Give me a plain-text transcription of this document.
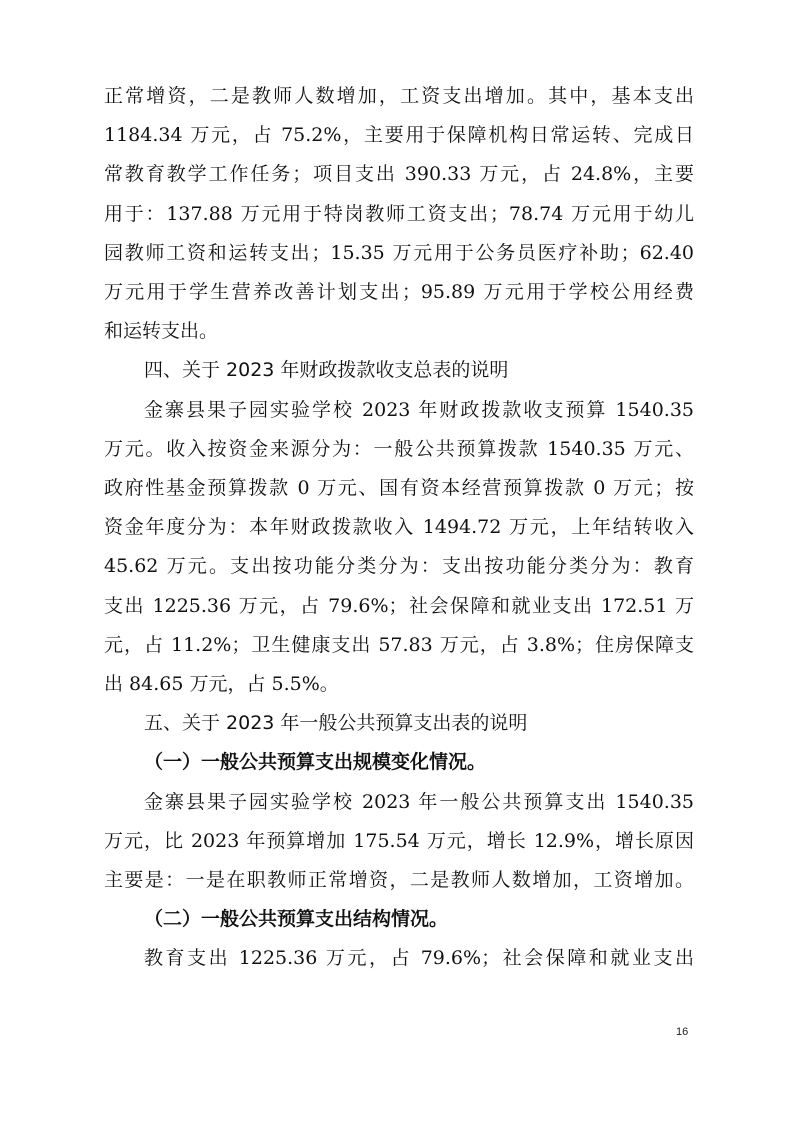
正常增资，二是教师人数增加，工资支出增加。其中，基本支出
1184.34 万元，占 75.2%，主要用于保障机构日常运转、完成日
常教育教学工作任务；项目支出 390.33 万元，占 24.8%，主要
用于：137.88 万元用于特岗教师工资支出；78.74 万元用于幼儿
园教师工资和运转支出；15.35 万元用于公务员医疗补助；62.40
万元用于学生营养改善计划支出；95.89 万元用于学校公用经费
和运转支出。
四、关于 2023 年财政拨款收支总表的说明
金寨县果子园实验学校 2023 年财政拨款收支预算 1540.35
万元。收入按资金来源分为：一般公共预算拨款 1540.35 万元、
政府性基金预算拨款 0 万元、国有资本经营预算拨款 0 万元；按
资金年度分为：本年财政拨款收入 1494.72 万元，上年结转收入
45.62 万元。支出按功能分类分为：支出按功能分类分为：教育
支出 1225.36 万元，占 79.6%；社会保障和就业支出 172.51 万
元，占 11.2%；卫生健康支出 57.83 万元，占 3.8%；住房保障支
出 84.65 万元，占 5.5%。
五、关于 2023 年一般公共预算支出表的说明
（一）一般公共预算支出规模变化情况。
金寨县果子园实验学校 2023 年一般公共预算支出 1540.35
万元，比 2023 年预算增加 175.54 万元，增长 12.9%，增长原因
主要是：一是在职教师正常增资，二是教师人数增加，工资增加。
16
（二）一般公共预算支出结构情况。
教育支出 1225.36 万元，占 79.6%；社会保障和就业支出
